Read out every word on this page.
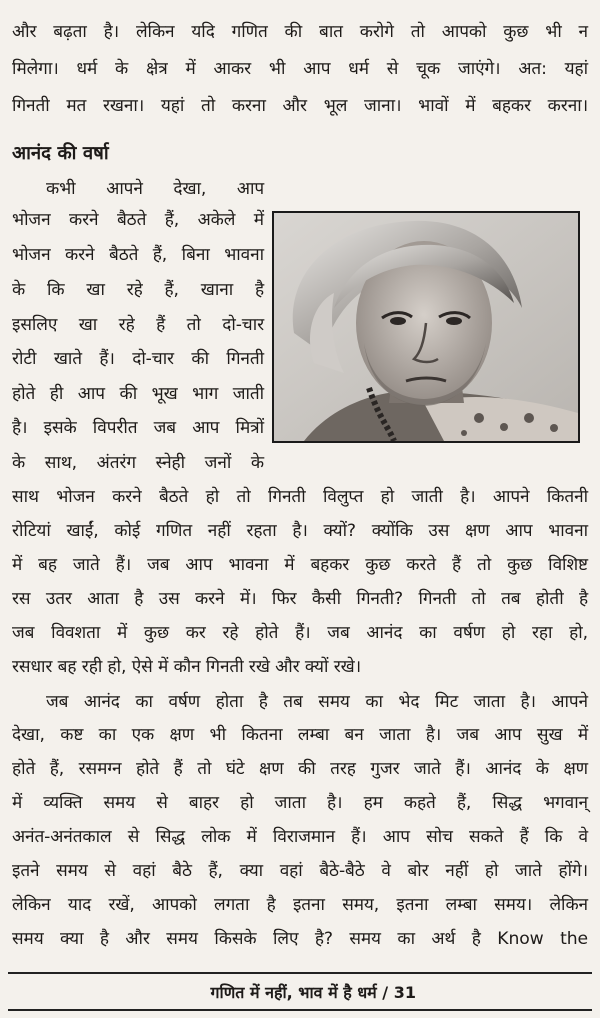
और बढ़ता है। लेकिन यदि गणित की बात करोगे तो आपको कुछ भी न
मिलेगा। धर्म के क्षेत्र में आकर भी आप धर्म से चूक जाएंगे। अत: यहां
गिनती मत रखना। यहां तो करना और भूल जाना। भावों में बहकर करना।
आनंद की वर्षा
कभी आपने देखा, आप
भोजन करने बैठते हैं, अकेले में
भोजन करने बैठते हैं, बिना भावना
के कि खा रहे हैं, खाना है
इसलिए खा रहे हैं तो दो-चार
रोटी खाते हैं। दो-चार की गिनती
होते ही आप की भूख भाग जाती
है। इसके विपरीत जब आप मित्रों
के साथ, अंतरंग स्नेही जनों के
साथ भोजन करने बैठते हो तो गिनती विलुप्त हो जाती है। आपने कितनी
रोटियां खाईं, कोई गणित नहीं रहता है। क्यों? क्योंकि उस क्षण आप भावना
में बह जाते हैं। जब आप भावना में बहकर कुछ करते हैं तो कुछ विशिष्ट
रस उतर आता है उस करने में। फिर कैसी गिनती? गिनती तो तब होती है
जब विवशता में कुछ कर रहे होते हैं। जब आनंद का वर्षण हो रहा हो,
रसधार बह रही हो, ऐसे में कौन गिनती रखे और क्यों रखे।
जब आनंद का वर्षण होता है तब समय का भेद मिट जाता है। आपने
देखा, कष्ट का एक क्षण भी कितना लम्बा बन जाता है। जब आप सुख में
होते हैं, रसमग्न होते हैं तो घंटे क्षण की तरह गुजर जाते हैं। आनंद के क्षण
में व्यक्ति समय से बाहर हो जाता है। हम कहते हैं, सिद्ध भगवान्
अनंत-अनंतकाल से सिद्ध लोक में विराजमान हैं। आप सोच सकते हैं कि वे
इतने समय से वहां बैठे हैं, क्या वहां बैठे-बैठे वे बोर नहीं हो जाते होंगे।
लेकिन याद रखें, आपको लगता है इतना समय, इतना लम्बा समय। लेकिन
समय क्या है और समय किसके लिए है? समय का अर्थ है Know the
गणित में नहीं, भाव में है धर्म / 31
